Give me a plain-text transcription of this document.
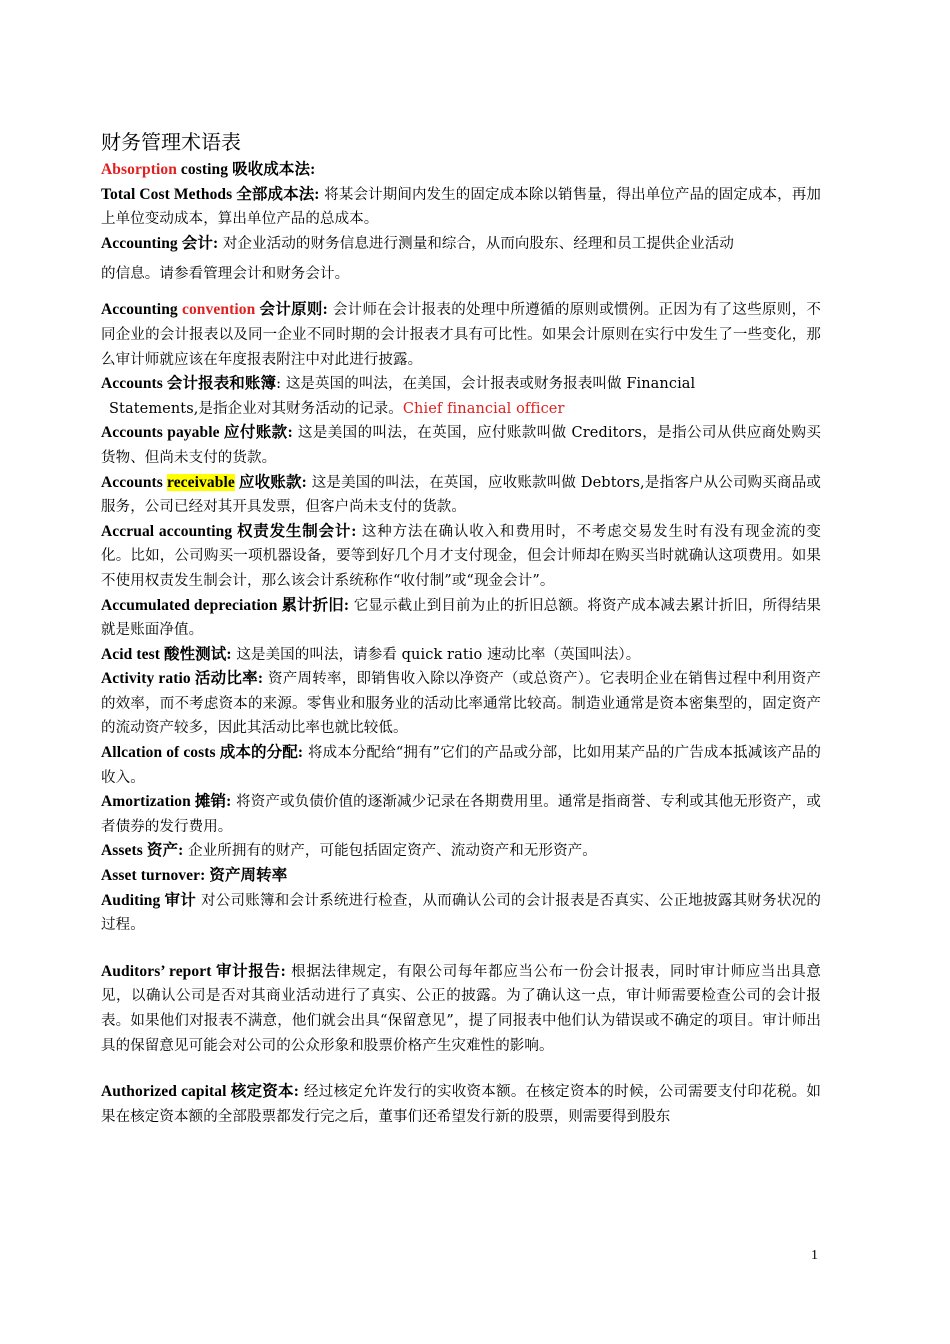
财务管理术语表
Absorption costing 吸收成本法:
Total Cost Methods 全部成本法: 将某会计期间内发生的固定成本除以销售量，得出单位产品的固定成本，再加上单位变动成本，算出单位产品的总成本。
Accounting 会计: 对企业活动的财务信息进行测量和综合，从而向股东、经理和员工提供企业活动
的信息。请参看管理会计和财务会计。
Accounting convention 会计原则: 会计师在会计报表的处理中所遵循的原则或惯例。正因为有了这些原则，不同企业的会计报表以及同一企业不同时期的会计报表才具有可比性。如果会计原则在实行中发生了一些变化，那么审计师就应该在年度报表附注中对此进行披露。
Accounts 会计报表和账簿: 这是英国的叫法，在美国，会计报表或财务报表叫做 Financial
Statements,是指企业对其财务活动的记录。Chief financial officer
Accounts payable 应付账款: 这是美国的叫法，在英国，应付账款叫做 Creditors，是指公司从供应商处购买货物、但尚未支付的货款。
Accounts receivable 应收账款: 这是美国的叫法，在英国，应收账款叫做 Debtors,是指客户从公司购买商品或服务，公司已经对其开具发票，但客户尚未支付的货款。
Accrual accounting 权责发生制会计: 这种方法在确认收入和费用时，不考虑交易发生时有没有现金流的变化。比如，公司购买一项机器设备，要等到好几个月才支付现金，但会计师却在购买当时就确认这项费用。如果不使用权责发生制会计，那么该会计系统称作“收付制”或“现金会计”。
Accumulated depreciation 累计折旧: 它显示截止到目前为止的折旧总额。将资产成本减去累计折旧，所得结果就是账面净值。
Acid test 酸性测试: 这是美国的叫法，请参看 quick ratio 速动比率（英国叫法）。
Activity ratio 活动比率: 资产周转率，即销售收入除以净资产（或总资产）。它表明企业在销售过程中利用资产的效率，而不考虑资本的来源。零售业和服务业的活动比率通常比较高。制造业通常是资本密集型的，固定资产的流动资产较多，因此其活动比率也就比较低。
Allcation of costs 成本的分配: 将成本分配给“拥有”它们的产品或分部，比如用某产品的广告成本抵减该产品的收入。
Amortization 摊销: 将资产或负债价值的逐渐减少记录在各期费用里。通常是指商誉、专利或其他无形资产，或者债券的发行费用。
Assets 资产: 企业所拥有的财产，可能包括固定资产、流动资产和无形资产。
Asset turnover: 资产周转率
Auditing 审计 对公司账簿和会计系统进行检查，从而确认公司的会计报表是否真实、公正地披露其财务状况的过程。
Auditors’ report 审计报告: 根据法律规定，有限公司每年都应当公布一份会计报表，同时审计师应当出具意见，以确认公司是否对其商业活动进行了真实、公正的披露。为了确认这一点，审计师需要检查公司的会计报表。如果他们对报表不满意，他们就会出具“保留意见”，提了同报表中他们认为错误或不确定的项目。审计师出具的保留意见可能会对公司的公众形象和股票价格产生灾难性的影响。
Authorized capital 核定资本: 经过核定允许发行的实收资本额。在核定资本的时候，公司需要支付印花税。如果在核定资本额的全部股票都发行完之后，董事们还希望发行新的股票，则需要得到股东
1
